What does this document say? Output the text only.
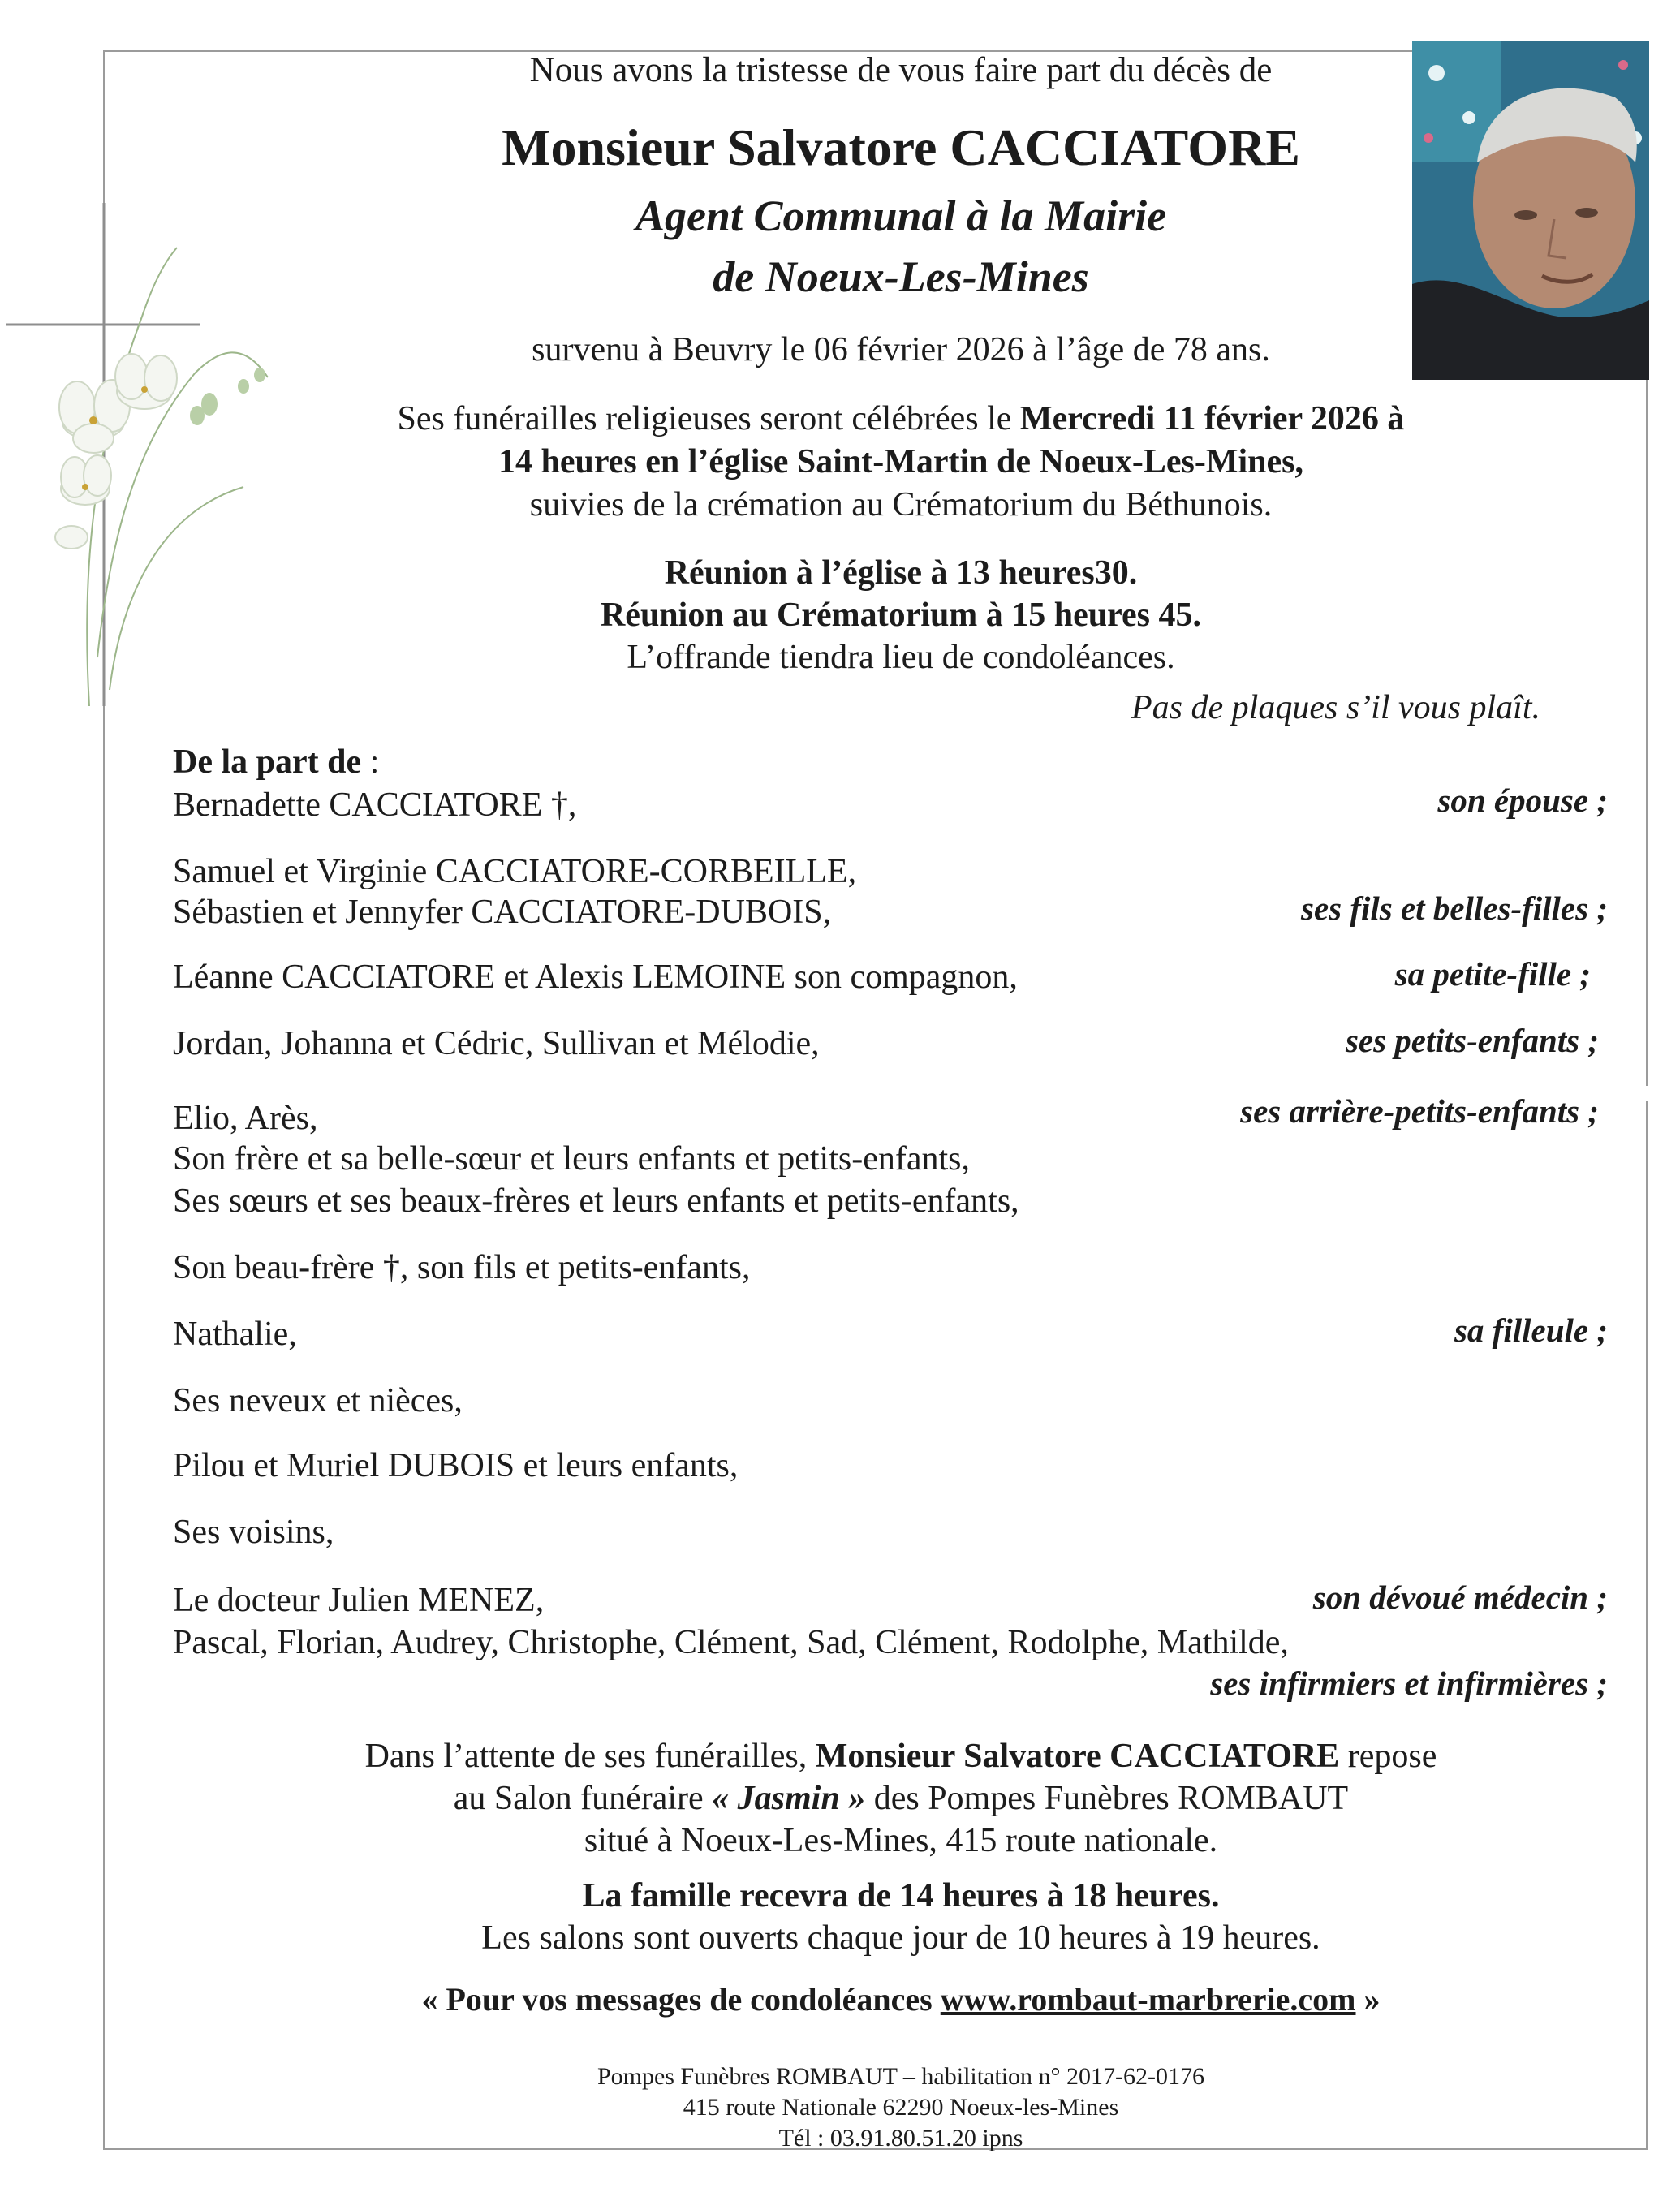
Nous avons la tristesse de vous faire part du décès de
Monsieur Salvatore CACCIATORE
Agent Communal à la Mairie
de Noeux-Les-Mines
survenu à Beuvry le 06 février 2026 à l’âge de 78 ans.
Ses funérailles religieuses seront célébrées le Mercredi 11 février 2026 à
14 heures en l’église Saint-Martin de Noeux-Les-Mines,
suivies de la crémation au Crématorium du Béthunois.
Réunion à l’église à 13 heures30.
Réunion au Crématorium à 15 heures 45.
L’offrande tiendra lieu de condoléances.
Pas de plaques s’il vous plaît.
De la part de :
Bernadette CACCIATORE †,	son épouse ;
Samuel et Virginie CACCIATORE-CORBEILLE,
Sébastien et Jennyfer CACCIATORE-DUBOIS,	ses fils et belles-filles ;
Léanne CACCIATORE et Alexis LEMOINE son compagnon,	sa petite-fille ;
Jordan, Johanna et Cédric, Sullivan et Mélodie,	ses petits-enfants ;
Elio, Arès,	ses arrière-petits-enfants ;
Son frère et sa belle-sœur et leurs enfants et petits-enfants,
Ses sœurs et ses beaux-frères et leurs enfants et petits-enfants,
Son beau-frère †, son fils et petits-enfants,
Nathalie,	sa filleule ;
Ses neveux et nièces,
Pilou et Muriel DUBOIS et leurs enfants,
Ses voisins,
Le docteur Julien MENEZ,	son dévoué médecin ;
Pascal, Florian, Audrey, Christophe, Clément, Sad, Clément, Rodolphe, Mathilde,
ses infirmiers et infirmières ;
Dans l’attente de ses funérailles, Monsieur Salvatore CACCIATORE repose
au Salon funéraire « Jasmin » des Pompes Funèbres ROMBAUT
situé à Noeux-Les-Mines, 415 route nationale.
La famille recevra de 14 heures à 18 heures.
Les salons sont ouverts chaque jour de 10 heures à 19 heures.
« Pour vos messages de condoléances www.rombaut-marbrerie.com »
Pompes Funèbres ROMBAUT – habilitation n° 2017-62-0176
415 route Nationale 62290 Noeux-les-Mines
Tél : 03.91.80.51.20 ipns
